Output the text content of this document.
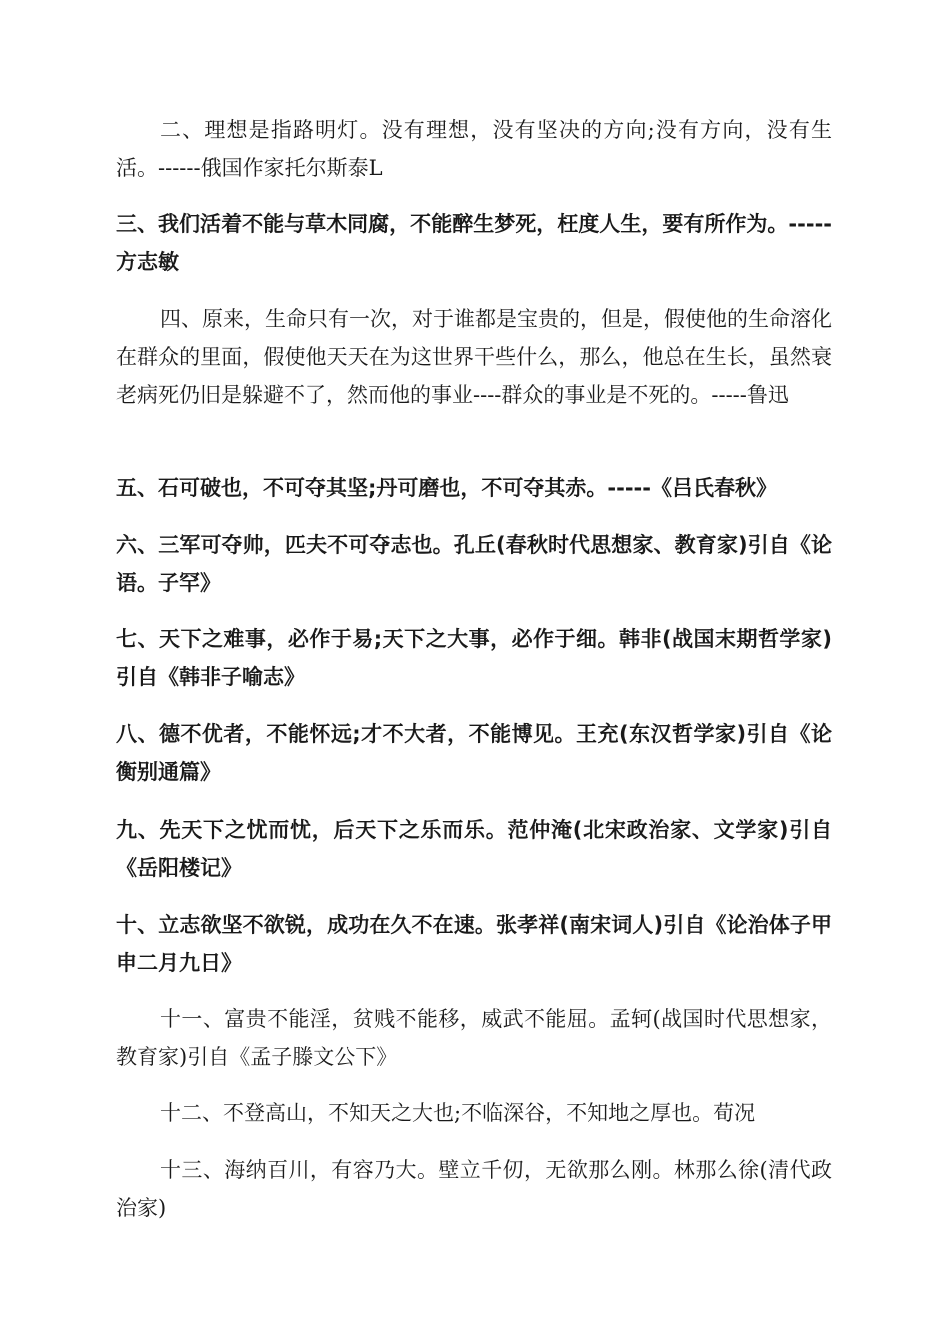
二、理想是指路明灯。没有理想，没有坚决的方向;没有方向，没有生活。------俄国作家托尔斯泰L

三、我们活着不能与草木同腐，不能醉生梦死，枉度人生，要有所作为。-----方志敏

四、原来，生命只有一次，对于谁都是宝贵的，但是，假使他的生命溶化在群众的里面，假使他天天在为这世界干些什么，那么，他总在生长，虽然衰老病死仍旧是躲避不了，然而他的事业----群众的事业是不死的。-----鲁迅

五、石可破也，不可夺其坚;丹可磨也，不可夺其赤。-----《吕氏春秋》

六、三军可夺帅，匹夫不可夺志也。孔丘(春秋时代思想家、教育家)引自《论语。子罕》

七、天下之难事，必作于易;天下之大事，必作于细。韩非(战国末期哲学家)引自《韩非子喻志》

八、德不优者，不能怀远;才不大者，不能博见。王充(东汉哲学家)引自《论衡别通篇》

九、先天下之忧而忧，后天下之乐而乐。范仲淹(北宋政治家、文学家)引自《岳阳楼记》

十、立志欲坚不欲锐，成功在久不在速。张孝祥(南宋词人)引自《论治体子甲申二月九日》

十一、富贵不能淫，贫贱不能移，威武不能屈。孟轲(战国时代思想家，教育家)引自《孟子滕文公下》

十二、不登高山，不知天之大也;不临深谷，不知地之厚也。荀况

十三、海纳百川，有容乃大。壁立千仞，无欲那么刚。林那么徐(清代政治家)
